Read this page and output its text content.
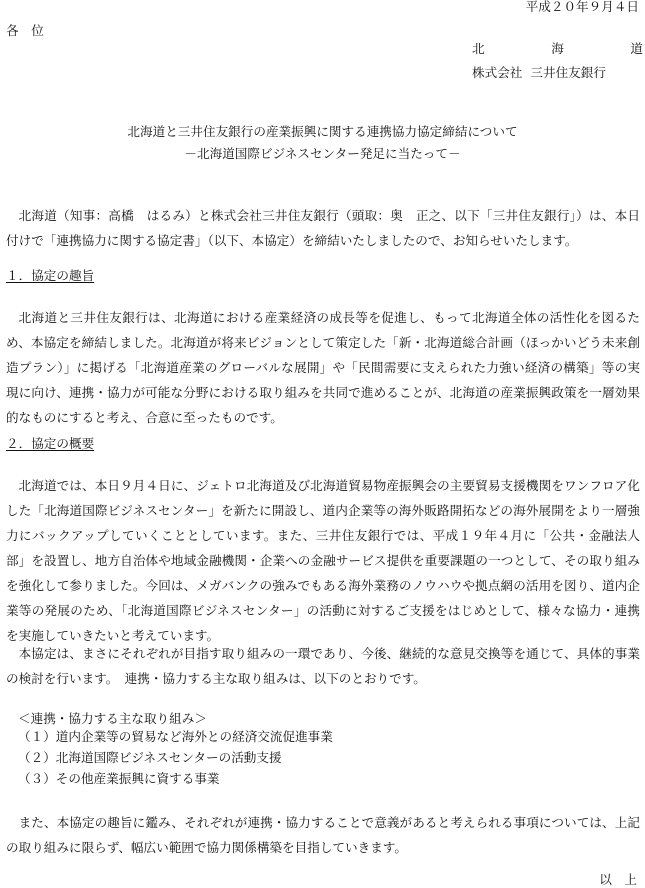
平成２０年９月４日
各　位
北	海	道
株式会社 三井住友銀行
北海道と三井住友銀行の産業振興に関する連携協力協定締結について
－北海道国際ビジネスセンター発足に当たって－
北海道（知事：高橋　はるみ）と株式会社三井住友銀行（頭取：奥　正之、以下「三井住友銀行」）は、本日付けで「連携協力に関する協定書」（以下、本協定）を締結いたしましたので、お知らせいたします。
１．協定の趣旨
北海道と三井住友銀行は、北海道における産業経済の成長等を促進し、もって北海道全体の活性化を図るため、本協定を締結しました。北海道が将来ビジョンとして策定した「新・北海道総合計画（ほっかいどう未来創造プラン）」に掲げる「北海道産業のグローバルな展開」や「民間需要に支えられた力強い経済の構築」等の実現に向け、連携・協力が可能な分野における取り組みを共同で進めることが、北海道の産業振興政策を一層効果的なものにすると考え、合意に至ったものです。
２．協定の概要
北海道では、本日９月４日に、ジェトロ北海道及び北海道貿易物産振興会の主要貿易支援機関をワンフロア化した「北海道国際ビジネスセンター」を新たに開設し、道内企業等の海外販路開拓などの海外展開をより一層強力にバックアップしていくこととしています。また、三井住友銀行では、平成１９年４月に「公共・金融法人部」を設置し、地方自治体や地域金融機関・企業への金融サービス提供を重要課題の一つとして、その取り組みを強化して参りました。今回は、メガバンクの強みでもある海外業務のノウハウや拠点網の活用を図り、道内企業等の発展のため、「北海道国際ビジネスセンター」の活動に対するご支援をはじめとして、様々な協力・連携を実施していきたいと考えています。
本協定は、まさにそれぞれが目指す取り組みの一環であり、今後、継続的な意見交換等を通じて、具体的事業の検討を行います。　連携・協力する主な取り組みは、以下のとおりです。
＜連携・協力する主な取り組み＞
（１）道内企業等の貿易など海外との経済交流促進事業
（２）北海道国際ビジネスセンターの活動支援
（３）その他産業振興に資する事業
また、本協定の趣旨に鑑み、それぞれが連携・協力することで意義があると考えられる事項については、上記の取り組みに限らず、幅広い範囲で協力関係構築を目指していきます。
以　上
